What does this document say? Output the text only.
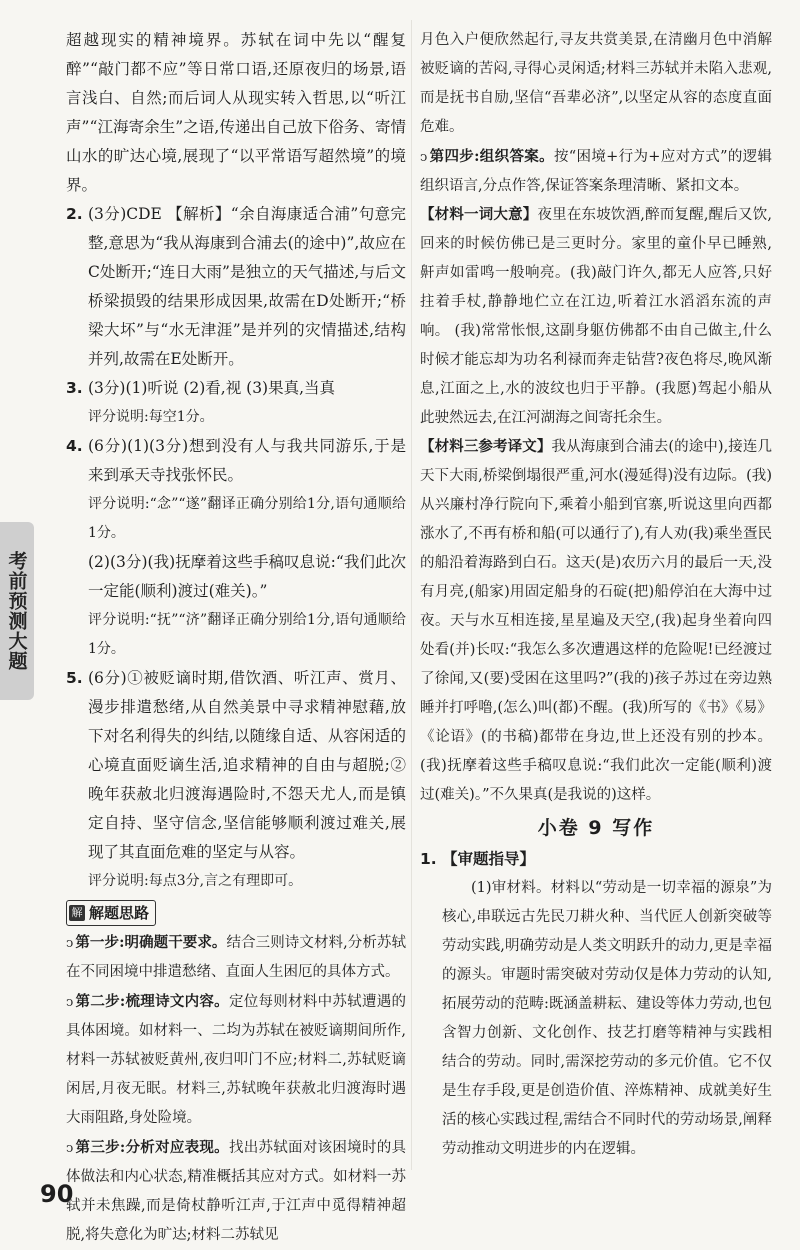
考前预测大题

超越现实的精神境界。苏轼在词中先以“醒复醉”“敲门都不应”等日常口语,还原夜归的场景,语言浅白、自然;而后词人从现实转入哲思,以“听江声”“江海寄余生”之语,传递出自己放下俗务、寄情山水的旷达心境,展现了“以平常语写超然境”的境界。

2. (3分)CDE 【解析】“余自海康适合浦”句意完整,意思为“我从海康到合浦去(的途中)”,故应在C处断开;“连日大雨”是独立的天气描述,与后文桥梁损毁的结果形成因果,故需在D处断开;“桥梁大坏”与“水无津涯”是并列的灾情描述,结构并列,故需在E处断开。

3. (3分)(1)听说 (2)看,视 (3)果真,当真

评分说明:每空1分。

4. (6分)(1)(3分)想到没有人与我共同游乐,于是来到承天寺找张怀民。

评分说明:“念”“遂”翻译正确分别给1分,语句通顺给1分。

(2)(3分)(我)抚摩着这些手稿叹息说:“我们此次一定能(顺利)渡过(难关)。”

评分说明:“抚”“济”翻译正确分别给1分,语句通顺给1分。

5. (6分)①被贬谪时期,借饮酒、听江声、赏月、漫步排遣愁绪,从自然美景中寻求精神慰藉,放下对名利得失的纠结,以随缘自适、从容闲适的心境直面贬谪生活,追求精神的自由与超脱;②晚年获赦北归渡海遇险时,不怨天尤人,而是镇定自持、坚守信念,坚信能够顺利渡过难关,展现了其直面危难的坚定与从容。

评分说明:每点3分,言之有理即可。

解 解题思路

ↄ 第一步:明确题干要求。结合三则诗文材料,分析苏轼在不同困境中排遣愁绪、直面人生困厄的具体方式。

ↄ 第二步:梳理诗文内容。定位每则材料中苏轼遭遇的具体困境。如材料一、二均为苏轼在被贬谪期间所作,材料一苏轼被贬黄州,夜归叩门不应;材料二,苏轼贬谪闲居,月夜无眠。材料三,苏轼晚年获赦北归渡海时遇大雨阻路,身处险境。

ↄ 第三步:分析对应表现。找出苏轼面对该困境时的具体做法和内心状态,精准概括其应对方式。如材料一苏轼并未焦躁,而是倚杖静听江声,于江声中觅得精神超脱,将失意化为旷达;材料二苏轼见

月色入户便欣然起行,寻友共赏美景,在清幽月色中消解被贬谪的苦闷,寻得心灵闲适;材料三苏轼并未陷入悲观,而是抚书自励,坚信“吾辈必济”,以坚定从容的态度直面危难。

ↄ 第四步:组织答案。按“困境+行为+应对方式”的逻辑组织语言,分点作答,保证答案条理清晰、紧扣文本。

【材料一词大意】夜里在东坡饮酒,醉而复醒,醒后又饮,回来的时候仿佛已是三更时分。家里的童仆早已睡熟,鼾声如雷鸣一般响亮。(我)敲门许久,都无人应答,只好拄着手杖,静静地伫立在江边,听着江水滔滔东流的声响。 (我)常常怅恨,这副身躯仿佛都不由自己做主,什么时候才能忘却为功名利禄而奔走钻营?夜色将尽,晚风渐息,江面之上,水的波纹也归于平静。(我愿)驾起小船从此驶然远去,在江河湖海之间寄托余生。

【材料三参考译文】我从海康到合浦去(的途中),接连几天下大雨,桥梁倒塌很严重,河水(漫延得)没有边际。(我)从兴廉村净行院向下,乘着小船到官寨,听说这里向西都涨水了,不再有桥和船(可以通行了),有人劝(我)乘坐疍民的船沿着海路到白石。这天(是)农历六月的最后一天,没有月亮,(船家)用固定船身的石碇(把)船停泊在大海中过夜。天与水互相连接,星星遍及天空,(我)起身坐着向四处看(并)长叹:“我怎么多次遭遇这样的危险呢!已经渡过了徐闻,又(要)受困在这里吗?”(我的)孩子苏过在旁边熟睡并打呼噜,(怎么)叫(都)不醒。(我)所写的《书》《易》《论语》(的书稿)都带在身边,世上还没有别的抄本。(我)抚摩着这些手稿叹息说:“我们此次一定能(顺利)渡过(难关)。”不久果真(是我说的)这样。

小卷 9 写作
1. 【审题指导】

(1)审材料。材料以“劳动是一切幸福的源泉”为核心,串联远古先民刀耕火种、当代匠人创新突破等劳动实践,明确劳动是人类文明跃升的动力,更是幸福的源头。审题时需突破对劳动仅是体力劳动的认知,拓展劳动的范畴:既涵盖耕耘、建设等体力劳动,也包含智力创新、文化创作、技艺打磨等精神与实践相结合的劳动。同时,需深挖劳动的多元价值。它不仅是生存手段,更是创造价值、淬炼精神、成就美好生活的核心实践过程,需结合不同时代的劳动场景,阐释劳动推动文明进步的内在逻辑。

90
